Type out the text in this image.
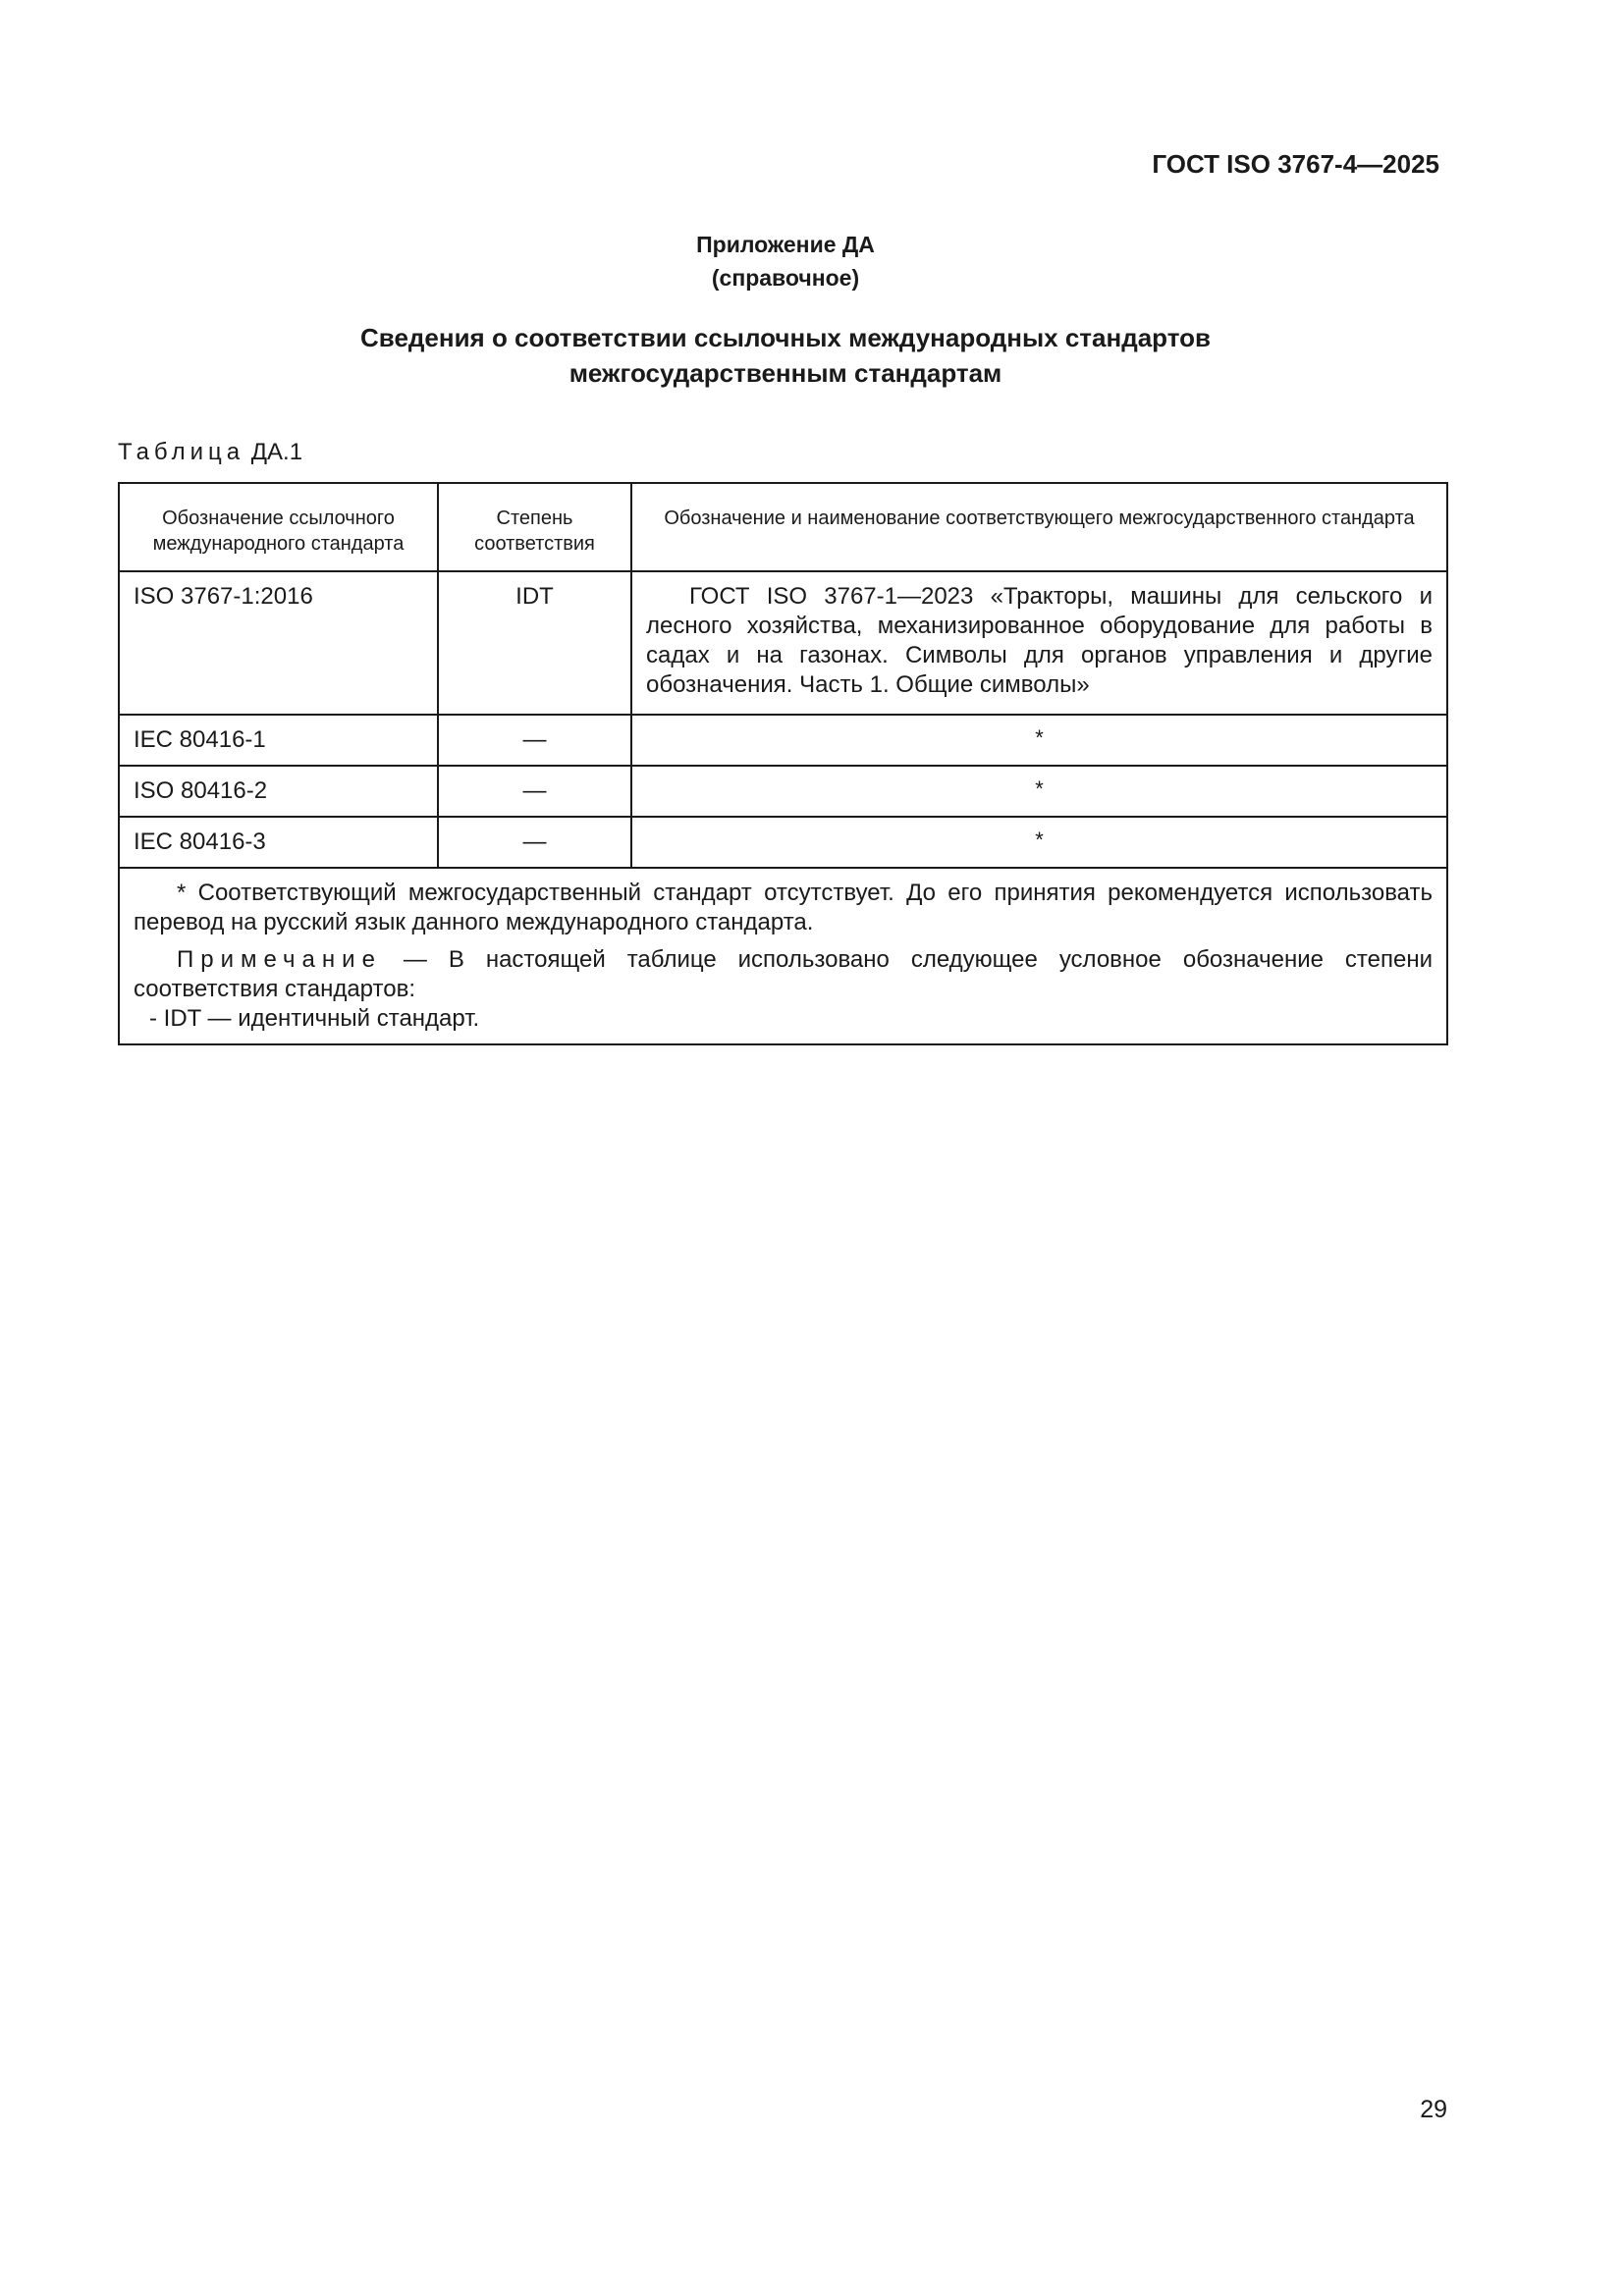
ГОСТ ISO 3767-4—2025
Приложение ДА
(справочное)
Сведения о соответствии ссылочных международных стандартов
межгосударственным стандартам
Таблица ДА.1
Обозначение ссылочного международного стандарта	Степень соответствия	Обозначение и наименование соответствующего межгосударственного стандарта
ISO 3767-1:2016	IDT	ГОСТ ISO 3767-1—2023 «Тракторы, машины для сельского и лесного хозяйства, механизированное оборудование для работы в садах и на газонах. Символы для органов управления и другие обозначения. Часть 1. Общие символы»
IEC 80416-1	—	*
ISO 80416-2	—	*
IEC 80416-3	—	*

* Соответствующий межгосударственный стандарт отсутствует. До его принятия рекомендуется использовать перевод на русский язык данного международного стандарта.

Примечание — В настоящей таблице использовано следующее условное обозначение степени соответствия стандартов:

- IDT — идентичный стандарт.		

29
